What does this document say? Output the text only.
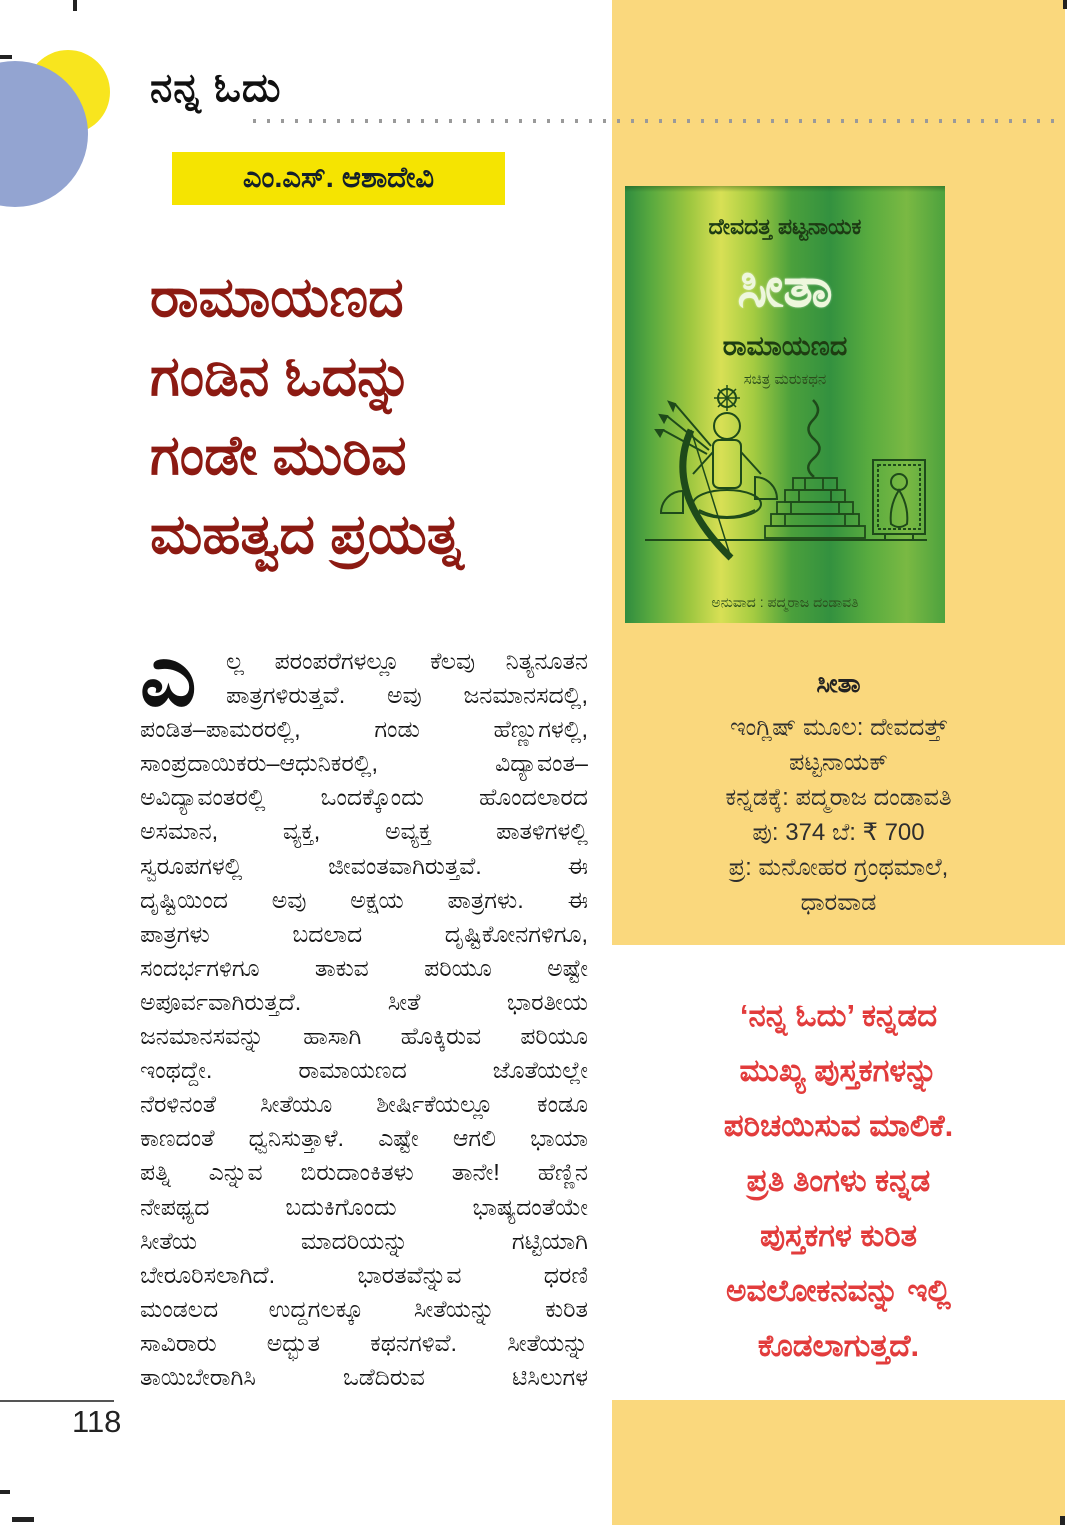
ನನ್ನ ಓದು
ಎಂ.ಎಸ್. ಆಶಾದೇವಿ
ರಾಮಾಯಣದ
ಗಂಡಿನ ಓದನ್ನು
ಗಂಡೇ ಮುರಿವ
ಮಹತ್ವದ ಪ್ರಯತ್ನ
ಎ	ಲ್ಲ ಪರಂಪರೆಗಳಲ್ಲೂ ಕೆಲವು ನಿತ್ಯನೂತನ
ಪಾತ್ರಗಳಿರುತ್ತವೆ. ಅವು ಜನಮಾನಸದಲ್ಲಿ,
ಪಂಡಿತ–ಪಾಮರರಲ್ಲಿ, ಗಂಡು ಹೆಣ್ಣುಗಳಲ್ಲಿ,
ಸಾಂಪ್ರದಾಯಿಕರು–ಆಧುನಿಕರಲ್ಲಿ, ವಿದ್ಯಾವಂತ–
ಅವಿದ್ಯಾವಂತರಲ್ಲಿ ಒಂದಕ್ಕೊಂದು ಹೊಂದಲಾರದ
ಅಸಮಾನ, ವ್ಯಕ್ತ, ಅವ್ಯಕ್ತ ಪಾತಳಿಗಳಲ್ಲಿ
ಸ್ವರೂಪಗಳಲ್ಲಿ ಜೀವಂತವಾಗಿರುತ್ತವೆ. ಈ
ದೃಷ್ಟಿಯಿಂದ ಅವು ಅಕ್ಷಯ ಪಾತ್ರಗಳು. ಈ
ಪಾತ್ರಗಳು ಬದಲಾದ ದೃಷ್ಟಿಕೋನಗಳಿಗೂ,
ಸಂದರ್ಭಗಳಿಗೂ ತಾಕುವ ಪರಿಯೂ ಅಷ್ಟೇ
ಅಪೂರ್ವವಾಗಿರುತ್ತದೆ. ಸೀತೆ ಭಾರತೀಯ
ಜನಮಾನಸವನ್ನು ಹಾಸಾಗಿ ಹೊಕ್ಕಿರುವ ಪರಿಯೂ
ಇಂಥದ್ದೇ. ರಾಮಾಯಣದ ಜೊತೆಯಲ್ಲೇ
ನೆರಳಿನಂತೆ ಸೀತೆಯೂ ಶೀರ್ಷಿಕೆಯಲ್ಲೂ ಕಂಡೂ
ಕಾಣದಂತೆ ಧ್ವನಿಸುತ್ತಾಳೆ. ಎಷ್ಟೇ ಆಗಲಿ ಭಾಯಾ
ಪತ್ನಿ ಎನ್ನುವ ಬಿರುದಾಂಕಿತಳು ತಾನೇ! ಹೆಣ್ಣಿನ
ನೇಪಥ್ಯದ ಬದುಕಿಗೊಂದು ಭಾಷ್ಯದಂತೆಯೇ
ಸೀತೆಯ ಮಾದರಿಯನ್ನು ಗಟ್ಟಿಯಾಗಿ
ಬೇರೂರಿಸಲಾಗಿದೆ. ಭಾರತವೆನ್ನುವ ಧರಣಿ
ಮಂಡಲದ ಉದ್ದಗಲಕ್ಕೂ ಸೀತೆಯನ್ನು ಕುರಿತ
ಸಾವಿರಾರು ಅದ್ಭುತ ಕಥನಗಳಿವೆ. ಸೀತೆಯನ್ನು
ತಾಯಿಬೇರಾಗಿಸಿ ಒಡೆದಿರುವ ಟಿಸಿಲುಗಳ
118
ದೇವದತ್ತ ಪಟ್ಟನಾಯಕ
ಸೀತಾ
ರಾಮಾಯಣದ
ಸಚಿತ್ರ ಮರುಕಥನ
ಅನುವಾದ : ಪದ್ಮರಾಜ ದಂಡಾವತಿ
ಸೀತಾ
ಇಂಗ್ಲಿಷ್ ಮೂಲ: ದೇವದತ್ತ್
ಪಟ್ಟನಾಯಕ್
ಕನ್ನಡಕ್ಕೆ: ಪದ್ಮರಾಜ ದಂಡಾವತಿ
ಪು: 374 ಬೆ: ₹ 700
ಪ್ರ: ಮನೋಹರ ಗ್ರಂಥಮಾಲೆ,
ಧಾರವಾಡ
‘ನನ್ನ ಓದು’ ಕನ್ನಡದ
ಮುಖ್ಯ ಪುಸ್ತಕಗಳನ್ನು
ಪರಿಚಯಿಸುವ ಮಾಲಿಕೆ.
ಪ್ರತಿ ತಿಂಗಳು ಕನ್ನಡ
ಪುಸ್ತಕಗಳ ಕುರಿತ
ಅವಲೋಕನವನ್ನು ಇಲ್ಲಿ
ಕೊಡಲಾಗುತ್ತದೆ.
